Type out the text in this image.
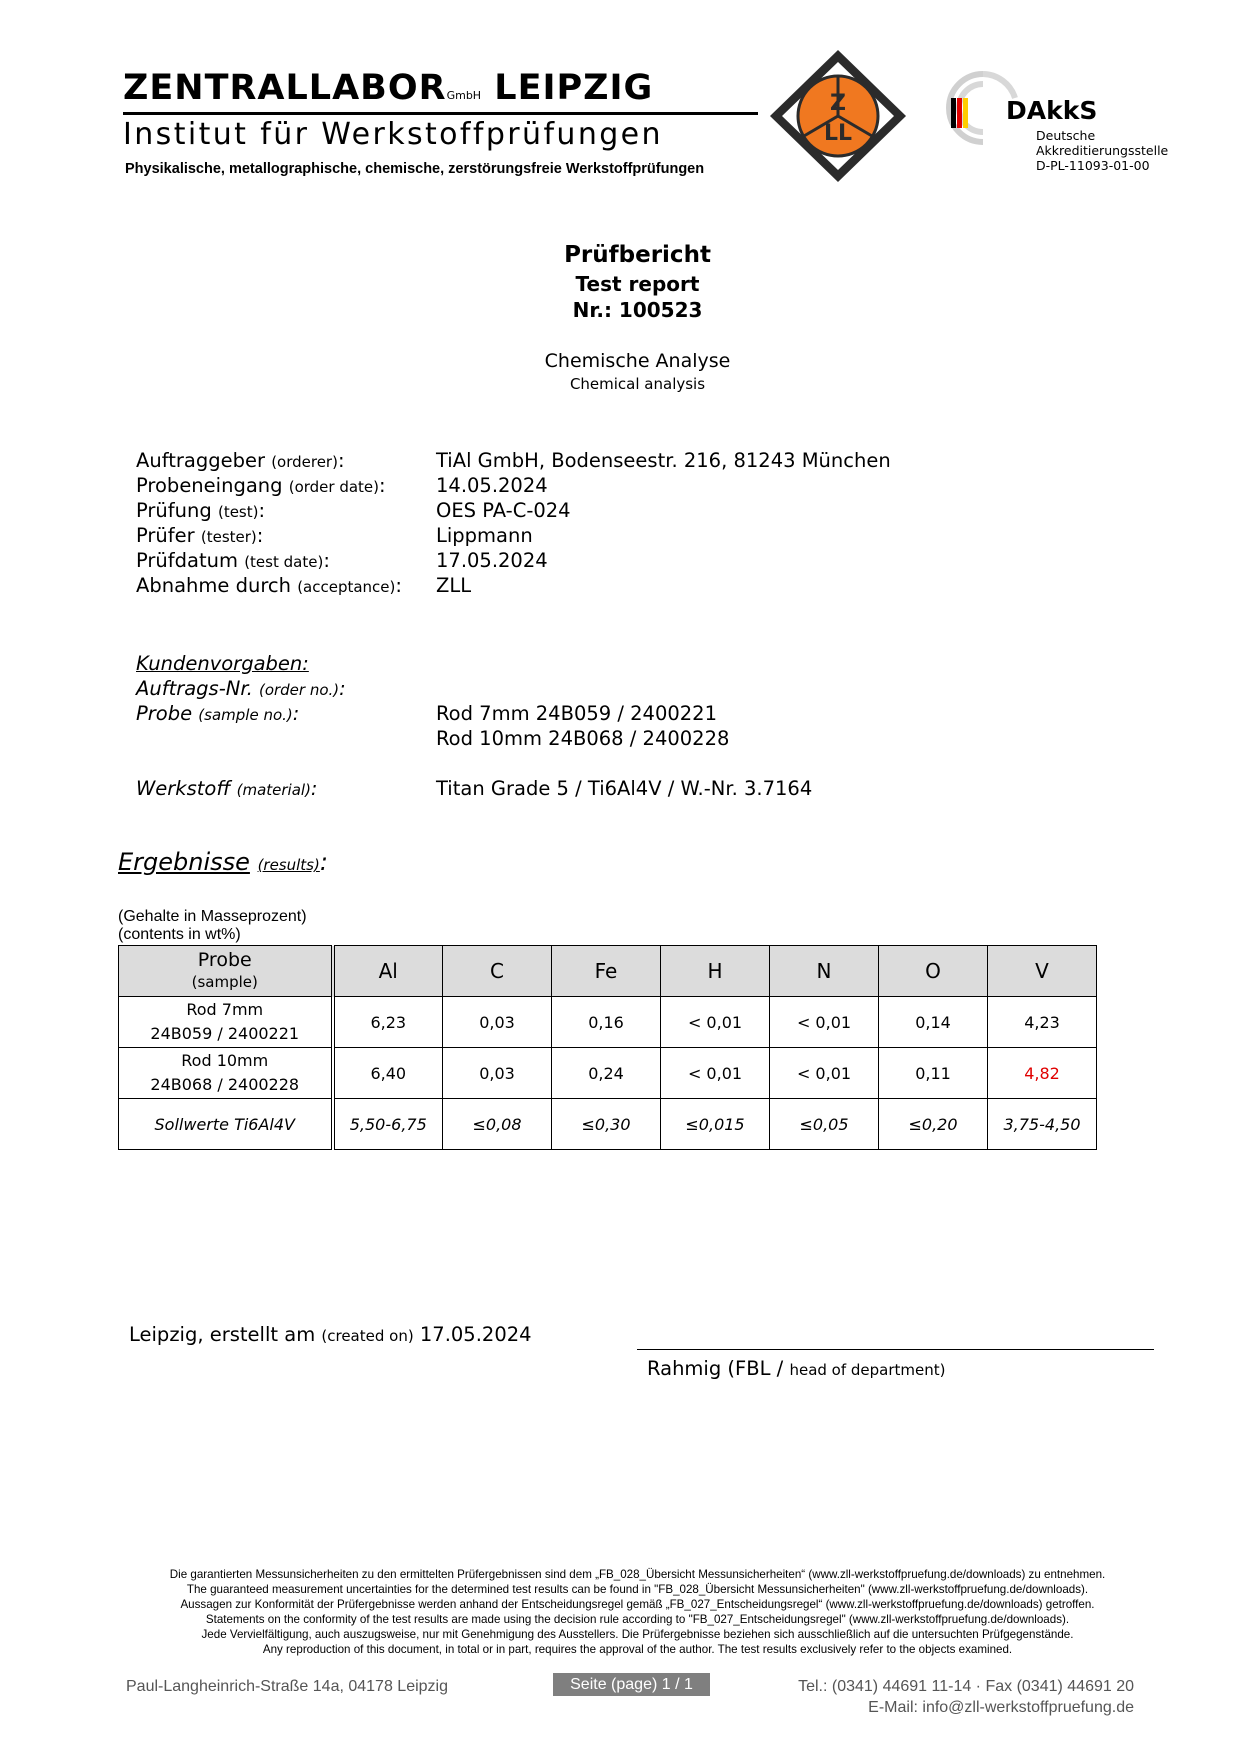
ZENTRALLABORGmbH LEIPZIG
Institut für Werkstoffprüfungen
Physikalische, metallographische, chemische, zerstörungsfreie Werkstoffprüfungen
Z
LL
DAkkS
Deutsche
Akkreditierungsstelle
D-PL-11093-01-00
Prüfbericht
Test report
Nr.: 100523
Chemische Analyse
Chemical analysis
Auftraggeber (orderer):	TiAl GmbH, Bodenseestr. 216, 81243 München
Probeneingang (order date):	14.05.2024
Prüfung (test):	OES PA-C-024
Prüfer (tester):	Lippmann
Prüfdatum (test date):	17.05.2024
Abnahme durch (acceptance): ZLL
Kundenvorgaben:
Auftrags-Nr. (order no.):
Probe (sample no.):	Rod 7mm 24B059 / 2400221
Rod 10mm 24B068 / 2400228
Werkstoff (material):	Titan Grade 5 / Ti6Al4V / W.-Nr. 3.7164
Ergebnisse (results):
(Gehalte in Masseprozent)
(contents in wt%)
Probe
(sample)	Al	C	Fe	H	N	O	V
Rod 7mm
24B059 / 2400221	6,23	0,03	0,16	< 0,01	< 0,01	0,14	4,23
Rod 10mm
24B068 / 2400228	6,40	0,03	0,24	< 0,01	< 0,01	0,11	4,82
Sollwerte Ti6Al4V	5,50-6,75	≤0,08	≤0,30	≤0,015	≤0,05	≤0,20	3,75-4,50
Leipzig, erstellt am (created on) 17.05.2024
Rahmig (FBL / head of department)
Die garantierten Messunsicherheiten zu den ermittelten Prüfergebnissen sind dem „FB_028_Übersicht Messunsicherheiten“ (www.zll-werkstoffpruefung.de/downloads) zu entnehmen.
The guaranteed measurement uncertainties for the determined test results can be found in "FB_028_Übersicht Messunsicherheiten" (www.zll-werkstoffpruefung.de/downloads).
Aussagen zur Konformität der Prüfergebnisse werden anhand der Entscheidungsregel gemäß „FB_027_Entscheidungsregel“ (www.zll-werkstoffpruefung.de/downloads) getroffen.
Statements on the conformity of the test results are made using the decision rule according to "FB_027_Entscheidungsregel" (www.zll-werkstoffpruefung.de/downloads).
Jede Vervielfältigung, auch auszugsweise, nur mit Genehmigung des Ausstellers. Die Prüfergebnisse beziehen sich ausschließlich auf die untersuchten Prüfgegenstände.
Any reproduction of this document, in total or in part, requires the approval of the author. The test results exclusively refer to the objects examined.
Paul-Langheinrich-Straße 14a, 04178 Leipzig	Seite (page) 1 / 1	Tel.: (0341) 44691 11-14 · Fax (0341) 44691 20
E-Mail: info@zll-werkstoffpruefung.de
